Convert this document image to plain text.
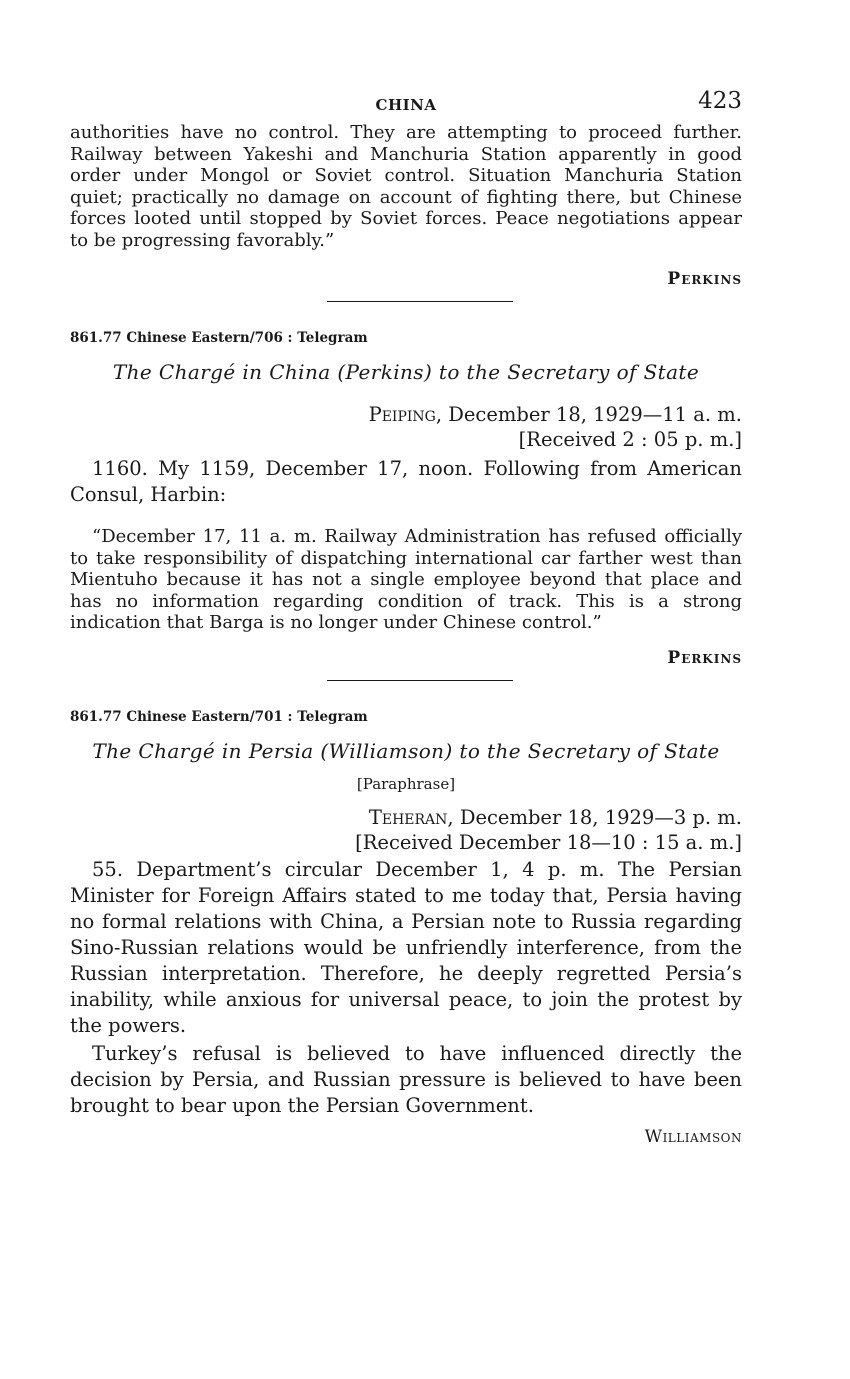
CHINA	423

authorities have no control. They are attempting to proceed further. Railway between Yakeshi and Manchuria Station apparently in good order under Mongol or Soviet control. Situation Manchuria Station quiet; practically no damage on account of fighting there, but Chinese forces looted until stopped by Soviet forces. Peace negotiations appear to be progressing favorably.”

Perkins
861.77 Chinese Eastern/706 : Telegram
The Chargé in China (Perkins) to the Secretary of State
Peiping, December 18, 1929—11 a. m.
[Received 2 : 05 p. m.]

1160. My 1159, December 17, noon. Following from American Consul, Harbin:

“December 17, 11 a. m. Railway Administration has refused officially to take responsibility of dispatching international car farther west than Mientuho because it has not a single employee beyond that place and has no information regarding condition of track. This is a strong indication that Barga is no longer under Chinese control.”

Perkins
861.77 Chinese Eastern/701 : Telegram
The Chargé in Persia (Williamson) to the Secretary of State
[Paraphrase]
Teheran, December 18, 1929—3 p. m.
[Received December 18—10 : 15 a. m.]

55. Department’s circular December 1, 4 p. m. The Persian Minister for Foreign Affairs stated to me today that, Persia having no formal relations with China, a Persian note to Russia regarding Sino-Russian relations would be unfriendly interference, from the Russian interpretation. Therefore, he deeply regretted Persia’s inability, while anxious for universal peace, to join the protest by the powers.

Turkey’s refusal is believed to have influenced directly the decision by Persia, and Russian pressure is believed to have been brought to bear upon the Persian Government.

Williamson
